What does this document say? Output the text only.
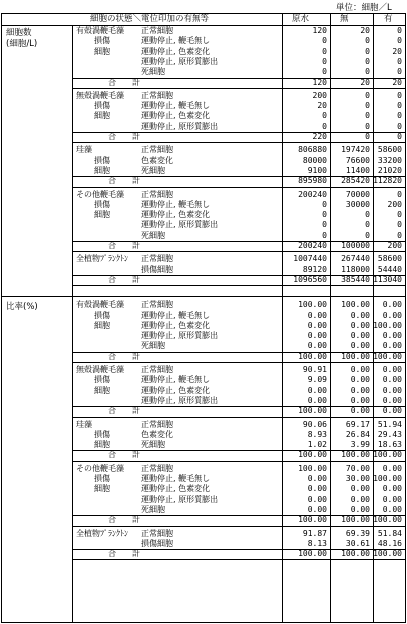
単位：細胞／L
細胞の状態＼電位印加の有無等	原水	無	有
細胞数
(細胞/L)
有殻渦鞭毛藻 正常細胞	120	20	0
損傷	運動停止, 鞭毛無し	0	0	0
細胞	運動停止, 色素変化	0	0	20
運動停止, 原形質膨出	0	0	0
死細胞	0	0	0
合　　計	120	20	20
無殻渦鞭毛藻 正常細胞	200	0	0
損傷	運動停止, 鞭毛無し	20	0	0
細胞	運動停止, 色素変化	0	0	0
運動停止, 原形質膨出	0	0	0
合　　計	220	0	0
珪藻	正常細胞	806880	197420 58600
損傷	色素変化	80000	76600 33200
細胞	死細胞	9100	11400 21020
合　　計	895980	285420 112820
その他鞭毛藻 正常細胞	200240	70000	0
損傷	運動停止, 鞭毛無し	0	30000	200
細胞	運動停止, 色素変化	0	0	0
運動停止, 原形質膨出	0	0	0
死細胞	0	0	0
合　　計	200240	100000	200
全植物ﾌﾟﾗﾝｸﾄﾝ 正常細胞	1007440	267440 58600
損傷細胞	89120	118000 54440
合　　計	1096560	385440 113040
比率(%)	有殻渦鞭毛藻 正常細胞	100.00	100.00	0.00
損傷	運動停止, 鞭毛無し	0.00	0.00	0.00
細胞	運動停止, 色素変化	0.00	0.00 100.00
運動停止, 原形質膨出	0.00	0.00	0.00
死細胞	0.00	0.00	0.00
合　　計	100.00	100.00 100.00
無殻渦鞭毛藻 正常細胞	90.91	0.00	0.00
損傷	運動停止, 鞭毛無し	9.09	0.00	0.00
細胞	運動停止, 色素変化	0.00	0.00	0.00
運動停止, 原形質膨出	0.00	0.00	0.00
合　　計	100.00	0.00	0.00
珪藻	正常細胞	90.06	69.17 51.94
損傷	色素変化	8.93	26.84 29.43
細胞	死細胞	1.02	3.99 18.63
合　　計	100.00	100.00 100.00
その他鞭毛藻 正常細胞	100.00	70.00	0.00
損傷	運動停止, 鞭毛無し	0.00	30.00 100.00
細胞	運動停止, 色素変化	0.00	0.00	0.00
運動停止, 原形質膨出	0.00	0.00	0.00
死細胞	0.00	0.00	0.00
合　　計	100.00	100.00 100.00
全植物ﾌﾟﾗﾝｸﾄﾝ 正常細胞	91.87	69.39 51.84
損傷細胞	8.13	30.61 48.16
合　　計	100.00	100.00 100.00
